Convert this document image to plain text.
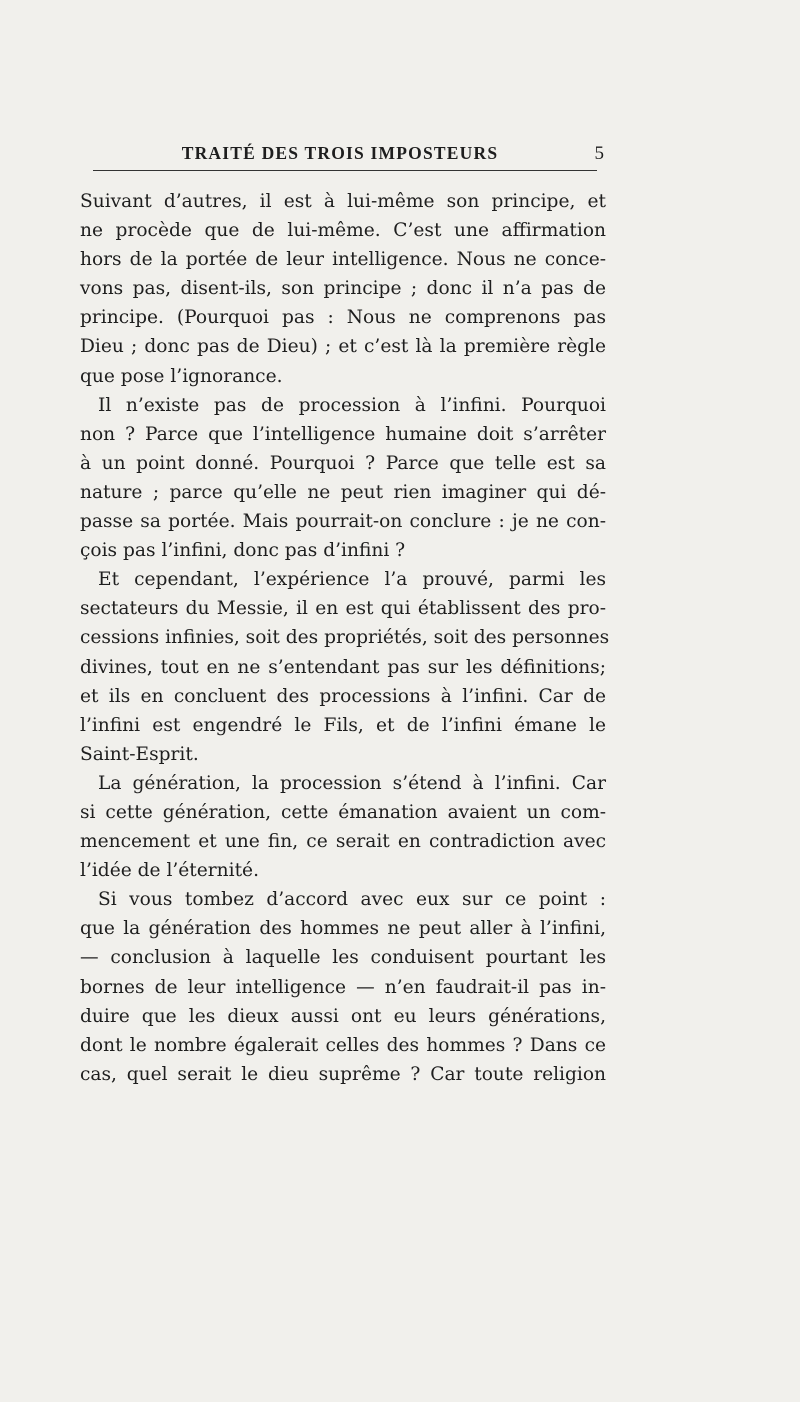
TRAITÉ DES TROIS IMPOSTEURS	5
Suivant d’autres, il est à lui-même son principe, et
ne procède que de lui-même. C’est une affirmation
hors de la portée de leur intelligence. Nous ne conce-
vons pas, disent-ils, son principe ; donc il n’a pas de
principe. (Pourquoi pas : Nous ne comprenons pas
Dieu ; donc pas de Dieu) ; et c’est là la première règle
que pose l’ignorance.
Il n’existe pas de procession à l’infini. Pourquoi
non ? Parce que l’intelligence humaine doit s’arrêter
à un point donné. Pourquoi ? Parce que telle est sa
nature ; parce qu’elle ne peut rien imaginer qui dé-
passe sa portée. Mais pourrait-on conclure : je ne con-
çois pas l’infini, donc pas d’infini ?
Et cependant, l’expérience l’a prouvé, parmi les
sectateurs du Messie, il en est qui établissent des pro-
cessions infinies, soit des propriétés, soit des personnes
divines, tout en ne s’entendant pas sur les définitions;
et ils en concluent des processions à l’infini. Car de
l’infini est engendré le Fils, et de l’infini émane le
Saint-Esprit.
La génération, la procession s’étend à l’infini. Car
si cette génération, cette émanation avaient un com-
mencement et une fin, ce serait en contradiction avec
l’idée de l’éternité.
Si vous tombez d’accord avec eux sur ce point :
que la génération des hommes ne peut aller à l’infini,
— conclusion à laquelle les conduisent pourtant les
bornes de leur intelligence — n’en faudrait-il pas in-
duire que les dieux aussi ont eu leurs générations,
dont le nombre égalerait celles des hommes ? Dans ce
cas, quel serait le dieu suprême ? Car toute religion
